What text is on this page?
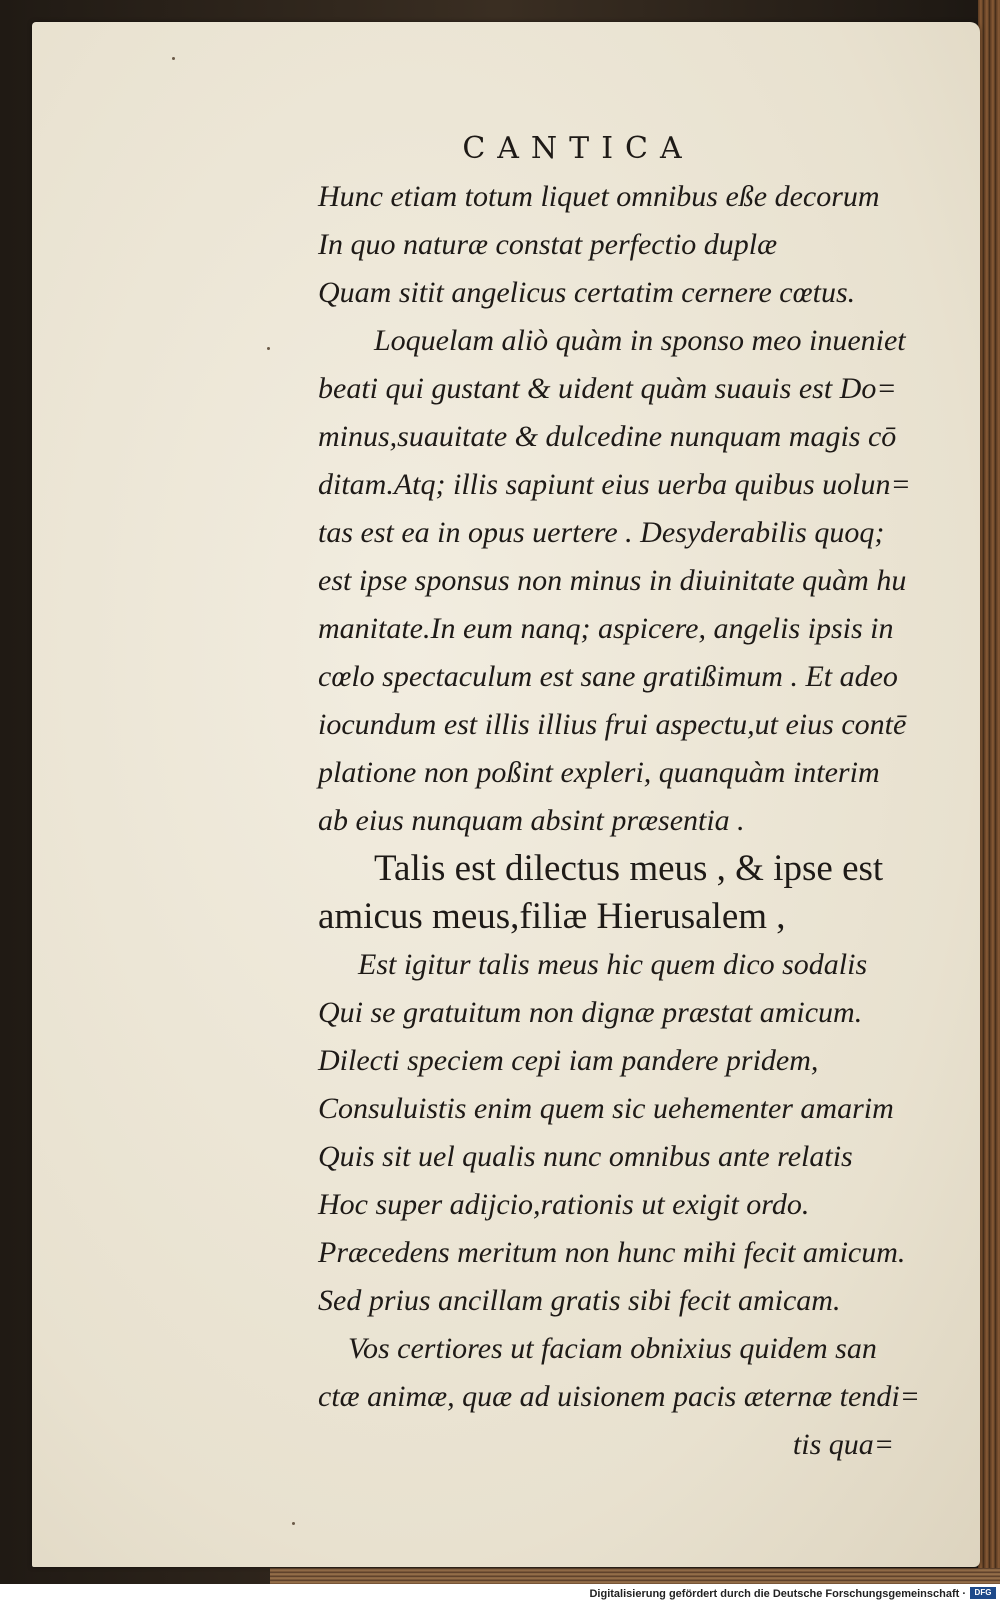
CANTICA
Hunc etiam totum liquet omnibus eße decorum
In quo naturæ constat perfectio duplæ
Quam sitit angelicus certatim cernere cœtus.
Loquelam aliò quàm in sponso meo inueniet
beati qui gustant & uident quàm suauis est Do=
minus,suauitate & dulcedine nunquam magis cō
ditam.Atq; illis sapiunt eius uerba quibus uolun=
tas est ea in opus uertere . Desyderabilis quoq;
est ipse sponsus non minus in diuinitate quàm hu
manitate.In eum nanq; aspicere, angelis ipsis in
cœlo spectaculum est sane gratißimum . Et adeo
iocundum est illis illius frui aspectu,ut eius contē
platione non poßint expleri, quanquàm interim
ab eius nunquam absint præsentia .
Talis est dilectus meus , & ipse est
amicus meus,filiæ Hierusalem ,
Est igitur talis meus hic quem dico sodalis
Qui se gratuitum non dignæ præstat amicum.
Dilecti speciem cepi iam pandere pridem,
Consuluistis enim quem sic uehementer amarim
Quis sit uel qualis nunc omnibus ante relatis
Hoc super adijcio,rationis ut exigit ordo.
Præcedens meritum non hunc mihi fecit amicum.
Sed prius ancillam gratis sibi fecit amicam.
Vos certiores ut faciam obnixius quidem san
ctæ animæ, quæ ad uisionem pacis æternæ tendi=
tis qua=
Digitalisierung gefördert durch die Deutsche Forschungsgemeinschaft ·	DFG
